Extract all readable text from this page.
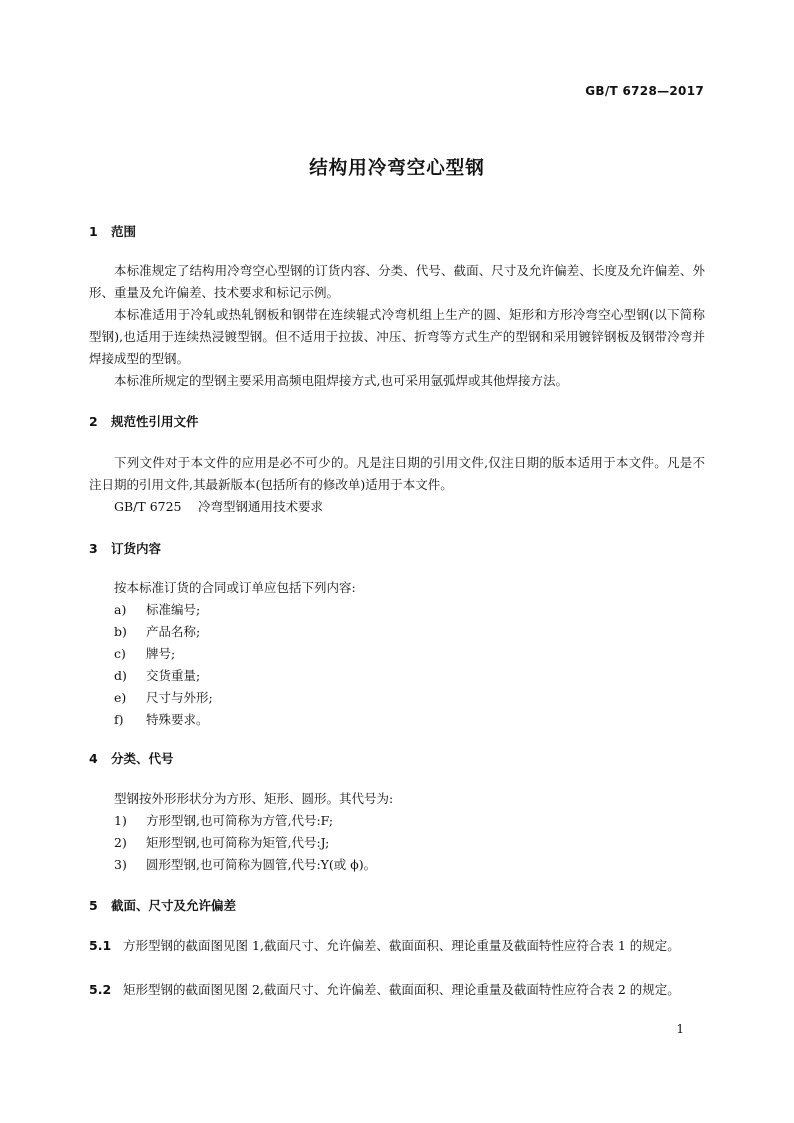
GB/T 6728—2017
结构用冷弯空心型钢
1 范围

本标准规定了结构用冷弯空心型钢的订货内容、分类、代号、截面、尺寸及允许偏差、长度及允许偏差、外形、重量及允许偏差、技术要求和标记示例。

本标准适用于冷轧或热轧钢板和钢带在连续辊式冷弯机组上生产的圆、矩形和方形冷弯空心型钢(以下简称型钢),也适用于连续热浸镀型钢。但不适用于拉拔、冲压、折弯等方式生产的型钢和采用镀锌钢板及钢带冷弯并焊接成型的型钢。

本标准所规定的型钢主要采用高频电阻焊接方式,也可采用氩弧焊或其他焊接方法。

2 规范性引用文件

下列文件对于本文件的应用是必不可少的。凡是注日期的引用文件,仅注日期的版本适用于本文件。凡是不注日期的引用文件,其最新版本(包括所有的修改单)适用于本文件。

GB/T 6725 冷弯型钢通用技术要求
3 订货内容
按本标准订货的合同或订单应包括下列内容:
a) 标准编号;
b) 产品名称;
c) 牌号;
d) 交货重量;
e) 尺寸与外形;
f) 特殊要求。
4 分类、代号
型钢按外形形状分为方形、矩形、圆形。其代号为:
1) 方形型钢,也可简称为方管,代号:F;
2) 矩形型钢,也可简称为矩管,代号:J;
3) 圆形型钢,也可简称为圆管,代号:Y(或 ϕ)。
5 截面、尺寸及允许偏差

5.1 方形型钢的截面图见图 1,截面尺寸、允许偏差、截面面积、理论重量及截面特性应符合表 1 的规定。

5.2 矩形型钢的截面图见图 2,截面尺寸、允许偏差、截面面积、理论重量及截面特性应符合表 2 的规定。

1
